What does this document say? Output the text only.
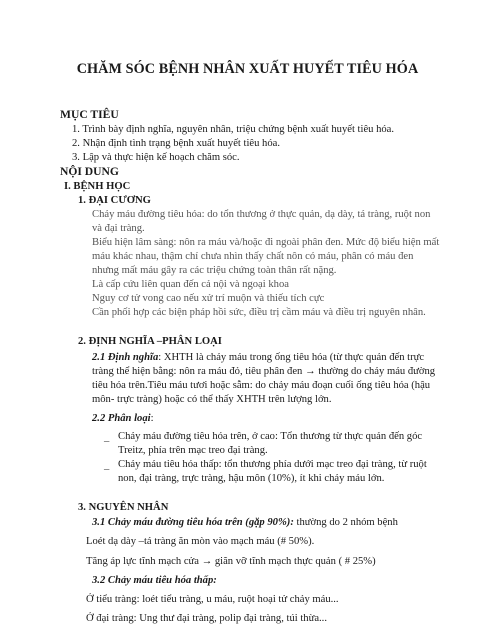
CHĂM SÓC BỆNH NHÂN XUẤT HUYẾT TIÊU HÓA
MỤC TIÊU
1. Trình bày định nghĩa, nguyên nhân, triệu chứng bệnh xuất huyết tiêu hóa.
2. Nhận định tình trạng bệnh xuất huyết tiêu hóa.
3. Lập và thực hiện kế hoạch chăm sóc.
NỘI DUNG
I. BỆNH HỌC
1. ĐẠI CƯƠNG
Chảy máu đường tiêu hóa: do tổn thương ở thực quản, dạ dày, tá tràng, ruột non
và đại tràng.
Biểu hiện lâm sàng: nôn ra máu và/hoặc đi ngoài phân đen. Mức độ biểu hiện mất
máu khác nhau, thậm chí chưa nhìn thấy chất nôn có máu, phân có máu đen
nhưng mất máu gây ra các triệu chứng toàn thân rất nặng.
Là cấp cứu liên quan đến cả nội và ngoại khoa
Nguy cơ tử vong cao nếu xử trí muộn và thiếu tích cực
Cần phối hợp các biện pháp hồi sức, điều trị cầm máu và điều trị nguyên nhân.
2. ĐỊNH NGHĨA –PHÂN LOẠI
2.1 Định nghĩa: XHTH là chảy máu trong ống tiêu hóa (từ thực quản đến trực
tràng thể hiện bằng: nôn ra máu đỏ, tiêu phân đen → thường do chảy máu đường
tiêu hóa trên.Tiêu máu tươi hoặc sẫm: do chảy máu đoạn cuối ống tiêu hóa (hậu
môn- trực tràng) hoặc có thể thấy XHTH trên lượng lớn.
2.2 Phân loại:
_ Chảy máu đường tiêu hóa trên, ở cao: Tổn thương từ thực quản đến góc
Treitz, phía trên mạc treo đại tràng.
_ Chảy máu tiêu hóa thấp: tổn thương phía dưới mạc treo đại tràng, từ ruột
non, đại tràng, trực tràng, hậu môn (10%), ít khi chảy máu lớn.
3. NGUYÊN NHÂN
3.1 Chảy máu đường tiêu hóa trên (gặp 90%): thường do 2 nhóm bệnh
Loét dạ dày –tá tràng ăn mòn vào mạch máu (# 50%).
Tăng áp lực tĩnh mạch cửa → giãn vỡ tĩnh mạch thực quản ( # 25%)
3.2 Chảy máu tiêu hóa thấp:
Ở tiểu tràng: loét tiểu tràng, u máu, ruột hoại tử chảy máu...
Ở đại tràng: Ung thư đại tràng, polip đại tràng, túi thừa...
